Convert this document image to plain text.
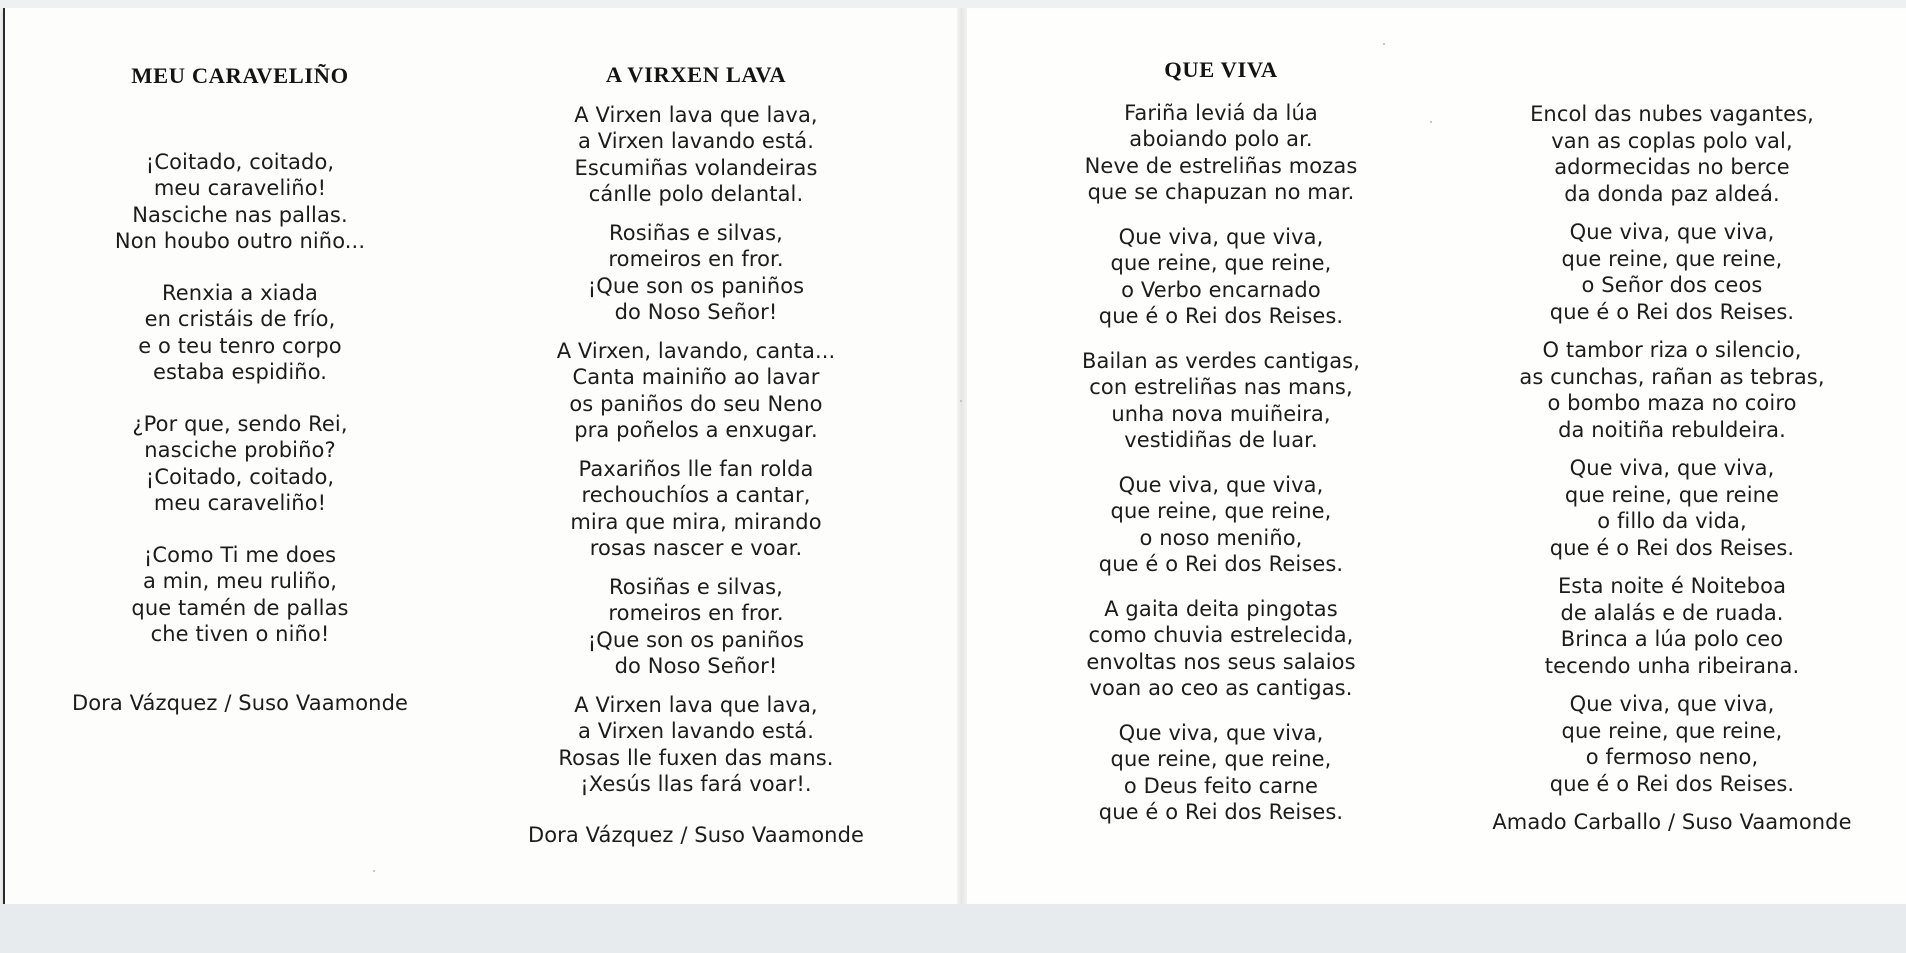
MEU CARAVELIÑO
¡Coitado, coitado,
meu caraveliño!
Nasciche nas pallas.
Non houbo outro niño...
Renxia a xiada
en cristáis de frío,
e o teu tenro corpo
estaba espidiño.
¿Por que, sendo Rei,
nasciche probiño?
¡Coitado, coitado,
meu caraveliño!
¡Como Ti me does
a min, meu ruliño,
que tamén de pallas
che tiven o niño!
Dora Vázquez / Suso Vaamonde
A VIRXEN LAVA
A Virxen lava que lava,
a Virxen lavando está.
Escumiñas volandeiras
cánlle polo delantal.
Rosiñas e silvas,
romeiros en fror.
¡Que son os paniños
do Noso Señor!
A Virxen, lavando, canta...
Canta mainiño ao lavar
os paniños do seu Neno
pra poñelos a enxugar.
Paxariños lle fan rolda
rechouchíos a cantar,
mira que mira, mirando
rosas nascer e voar.
Rosiñas e silvas,
romeiros en fror.
¡Que son os paniños
do Noso Señor!
A Virxen lava que lava,
a Virxen lavando está.
Rosas lle fuxen das mans.
¡Xesús llas fará voar!.
Dora Vázquez / Suso Vaamonde
QUE VIVA
Fariña leviá da lúa
aboiando polo ar.
Neve de estreliñas mozas
que se chapuzan no mar.
Que viva, que viva,
que reine, que reine,
o Verbo encarnado
que é o Rei dos Reises.
Bailan as verdes cantigas,
con estreliñas nas mans,
unha nova muiñeira,
vestidiñas de luar.
Que viva, que viva,
que reine, que reine,
o noso meniño,
que é o Rei dos Reises.
A gaita deita pingotas
como chuvia estrelecida,
envoltas nos seus salaios
voan ao ceo as cantigas.
Que viva, que viva,
que reine, que reine,
o Deus feito carne
que é o Rei dos Reises.
Encol das nubes vagantes,
van as coplas polo val,
adormecidas no berce
da donda paz aldeá.
Que viva, que viva,
que reine, que reine,
o Señor dos ceos
que é o Rei dos Reises.
O tambor riza o silencio,
as cunchas, rañan as tebras,
o bombo maza no coiro
da noitiña rebuldeira.
Que viva, que viva,
que reine, que reine
o fillo da vida,
que é o Rei dos Reises.
Esta noite é Noiteboa
de alalás e de ruada.
Brinca a lúa polo ceo
tecendo unha ribeirana.
Que viva, que viva,
que reine, que reine,
o fermoso neno,
que é o Rei dos Reises.
Amado Carballo / Suso Vaamonde
